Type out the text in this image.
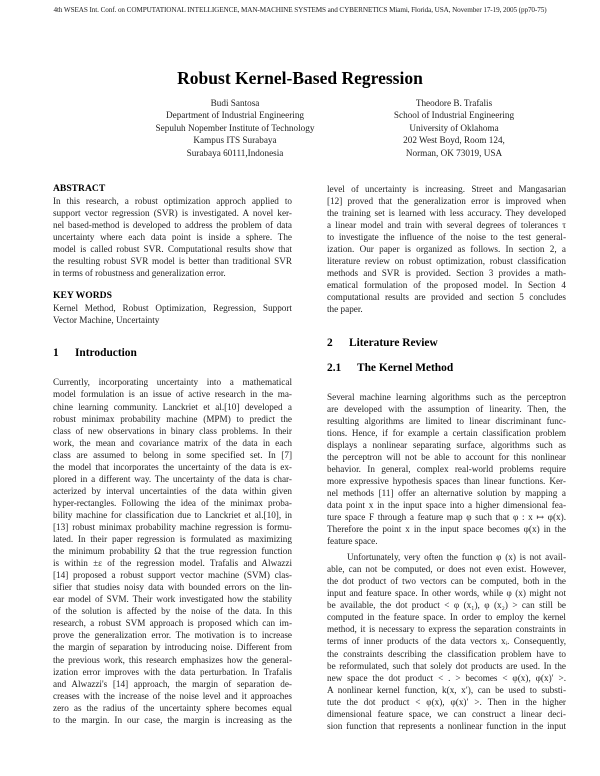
4th WSEAS Int. Conf. on COMPUTATIONAL INTELLIGENCE, MAN-MACHINE SYSTEMS and CYBERNETICS Miami, Florida, USA, November 17-19, 2005 (pp70-75)
Robust Kernel-Based Regression
Budi Santosa
Department of Industrial Engineering
Sepuluh Nopember Institute of Technology
Kampus ITS Surabaya
Surabaya 60111,Indonesia
Theodore B. Trafalis
School of Industrial Engineering
University of Oklahoma
202 West Boyd, Room 124,
Norman, OK 73019, USA
ABSTRACT
In this research, a robust optimization approch applied to
support vector regression (SVR) is investigated. A novel ker-
nel based-method is developed to address the problem of data
uncertainty where each data point is inside a sphere. The
model is called robust SVR. Computational results show that
the resulting robust SVR model is better than traditional SVR
in terms of robustness and generalization error.
KEY WORDS
Kernel Method, Robust Optimization, Regression, Support
Vector Machine, Uncertainty
1 Introduction
Currently, incorporating uncertainty into a mathematical
model formulation is an issue of active research in the ma-
chine learning community. Lanckriet et al.[10] developed a
robust minimax probability machine (MPM) to predict the
class of new observations in binary class problems. In their
work, the mean and covariance matrix of the data in each
class are assumed to belong in some specified set. In [7]
the model that incorporates the uncertainty of the data is ex-
plored in a different way. The uncertainty of the data is char-
acterized by interval uncertainties of the data within given
hyper-rectangles. Following the idea of the minimax proba-
bility machine for classification due to Lanckriet et al.[10], in
[13] robust minimax probability machine regression is formu-
lated. In their paper regression is formulated as maximizing
the minimum probability Ω that the true regression function
is within ±ε of the regression model. Trafalis and Alwazzi
[14] proposed a robust support vector machine (SVM) clas-
sifier that studies noisy data with bounded errors on the lin-
ear model of SVM. Their work investigated how the stability
of the solution is affected by the noise of the data. In this
research, a robust SVM approach is proposed which can im-
prove the generalization error. The motivation is to increase
the margin of separation by introducing noise. Different from
the previous work, this research emphasizes how the general-
ization error improves with the data perturbation. In Trafalis
and Alwazzi's [14] approach, the margin of separation de-
creases with the increase of the noise level and it approaches
zero as the radius of the uncertainty sphere becomes equal
to the margin. In our case, the margin is increasing as the
level of uncertainty is increasing. Street and Mangasarian
[12] proved that the generalization error is improved when
the training set is learned with less accuracy. They developed
a linear model and train with several degrees of tolerances τ
to investigate the influence of the noise to the test general-
ization. Our paper is organized as follows. In section 2, a
literature review on robust optimization, robust classification
methods and SVR is provided. Section 3 provides a math-
ematical formulation of the proposed model. In Section 4
computational results are provided and section 5 concludes
the paper.
2 Literature Review
2.1 The Kernel Method
Several machine learning algorithms such as the perceptron
are developed with the assumption of linearity. Then, the
resulting algorithms are limited to linear discriminant func-
tions. Hence, if for example a certain classification problem
displays a nonlinear separating surface, algorithms such as
the perceptron will not be able to account for this nonlinear
behavior. In general, complex real-world problems require
more expressive hypothesis spaces than linear functions. Ker-
nel methods [11] offer an alternative solution by mapping a
data point x in the input space into a higher dimensional fea-
ture space F through a feature map φ such that φ : x ↦ φ(x).
Therefore the point x in the input space becomes φ(x) in the
feature space.
Unfortunately, very often the function φ (x) is not avail-
able, can not be computed, or does not even exist. However,
the dot product of two vectors can be computed, both in the
input and feature space. In other words, while φ (x) might not
be available, the dot product < φ (x₁), φ (x₂) > can still be
computed in the feature space. In order to employ the kernel
method, it is necessary to express the separation constraints in
terms of inner products of the data vectors xᵢ. Consequently,
the constraints describing the classification problem have to
be reformulated, such that solely dot products are used. In the
new space the dot product < . > becomes < φ(x), φ(x)′ >.
A nonlinear kernel function, k(x, x′), can be used to substi-
tute the dot product < φ(x), φ(x)′ >. Then in the higher
dimensional feature space, we can construct a linear deci-
sion function that represents a nonlinear function in the input
